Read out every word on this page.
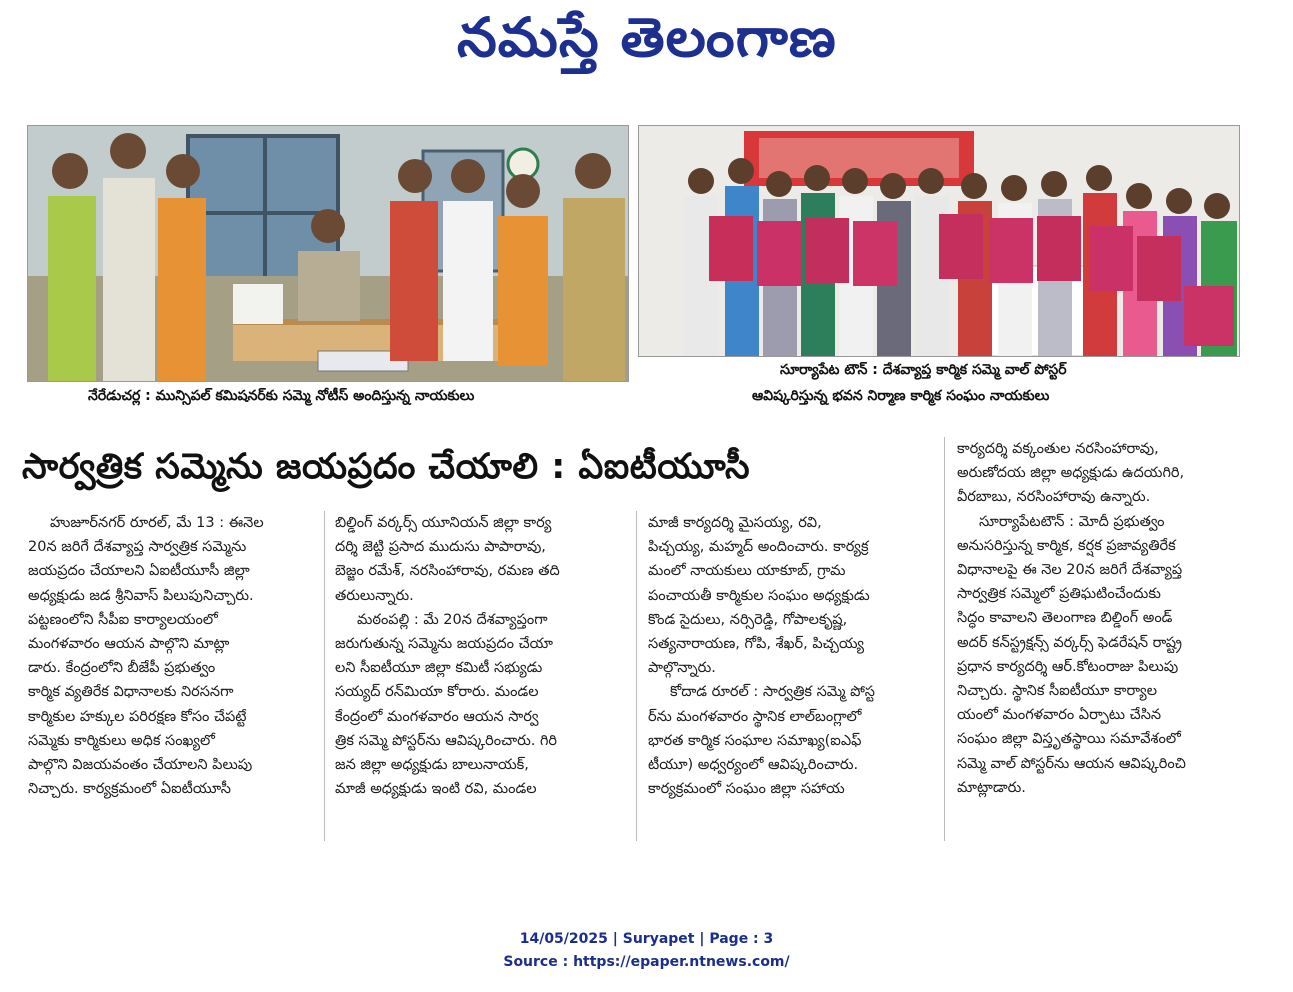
నమస్తే తెలంగాణ
నేరేడుచర్ల : మున్సిపల్ కమిషనర్‌కు సమ్మె నోటీస్ అందిస్తున్న నాయకులు
సూర్యాపేట టౌన్ : దేశవ్యాప్త కార్మిక సమ్మె వాల్ పోస్టర్
ఆవిష్కరిస్తున్న భవన నిర్మాణ కార్మిక సంఘం నాయకులు
సార్వత్రిక సమ్మెను జయప్రదం చేయాలి : ఏఐటీయూసీ

హుజూర్‌నగర్ రూరల్, మే 13 : ఈనెల

20న జరిగే దేశవ్యాప్త సార్వత్రిక సమ్మెను

జయప్రదం చేయాలని ఏఐటీయూసీ జిల్లా

అధ్యక్షుడు జడ శ్రీనివాస్ పిలుపునిచ్చారు.

పట్టణంలోని సీపీఐ కార్యాలయంలో

మంగళవారం ఆయన పాల్గొని మాట్లా

డారు. కేంద్రంలోని బీజేపీ ప్రభుత్వం

కార్మిక వ్యతిరేక విధానాలకు నిరసనగా

కార్మికుల హక్కుల పరిరక్షణ కోసం చేపట్టే

సమ్మెకు కార్మికులు అధిక సంఖ్యలో

పాల్గొని విజయవంతం చేయాలని పిలుపు

నిచ్చారు. కార్యక్రమంలో ఏఐటీయూసీ

బిల్డింగ్ వర్కర్స్ యూనియన్ జిల్లా కార్య

దర్శి జెట్టి ప్రసాద ముదుసు పాపారావు,

బెజ్జం రమేశ్, నరసింహారావు, రమణ తది

తరులున్నారు.

మఠంపల్లి : మే 20న దేశవ్యాప్తంగా

జరుగుతున్న సమ్మెను జయప్రదం చేయా

లని సీఐటీయూ జిల్లా కమిటీ సభ్యుడు

సయ్యద్ రన్‌మియా కోరారు. మండల

కేంద్రంలో మంగళవారం ఆయన సార్వ

త్రిక సమ్మె పోస్టర్‌ను ఆవిష్కరించారు. గిరి

జన జిల్లా అధ్యక్షుడు బాలునాయక్,

మాజీ అధ్యక్షుడు ఇంటి రవి, మండల

మాజీ కార్యదర్శి మైసయ్య, రవి,

పిచ్చయ్య, మహ్మద్ అందించారు. కార్యక్ర

మంలో నాయకులు యాకూబ్, గ్రామ

పంచాయతీ కార్మికుల సంఘం అధ్యక్షుడు

కొండ సైదులు, నర్సిరెడ్డి, గోపాలకృష్ణ,

సత్యనారాయణ, గోపి, శేఖర్, పిచ్చయ్య

పాల్గొన్నారు.

కోదాడ రూరల్ : సార్వత్రిక సమ్మె పోస్ట

ర్‌ను మంగళవారం స్థానిక లాల్‌బంగ్లాలో

భారత కార్మిక సంఘాల సమాఖ్య(ఐఎఫ్

టీయూ) అధ్వర్యంలో ఆవిష్కరించారు.

కార్యక్రమంలో సంఘం జిల్లా సహాయ

కార్యదర్శి వక్కంతుల నరసింహారావు,

అరుణోదయ జిల్లా అధ్యక్షుడు ఉదయగిరి,

వీరబాబు, నరసింహారావు ఉన్నారు.

సూర్యాపేటటౌన్ : మోదీ ప్రభుత్వం

అనుసరిస్తున్న కార్మిక, కర్షక ప్రజావ్యతిరేక

విధానాలపై ఈ నెల 20న జరిగే దేశవ్యాప్త

సార్వత్రిక సమ్మెలో ప్రతిఘటించేందుకు

సిద్ధం కావాలని తెలంగాణ బిల్డింగ్ అండ్

అదర్ కన్‌స్ట్రక్షన్స్ వర్కర్స్ ఫెడరేషన్ రాష్ట్ర

ప్రధాన కార్యదర్శి ఆర్.కోటంరాజు పిలుపు

నిచ్చారు. స్థానిక సీఐటీయూ కార్యాల

యంలో మంగళవారం ఏర్పాటు చేసిన

సంఘం జిల్లా విస్తృతస్థాయి సమావేశంలో

సమ్మె వాల్ పోస్టర్‌ను ఆయన ఆవిష్కరించి

మాట్లాడారు.

14/05/2025 | Suryapet | Page : 3
Source : https://epaper.ntnews.com/
